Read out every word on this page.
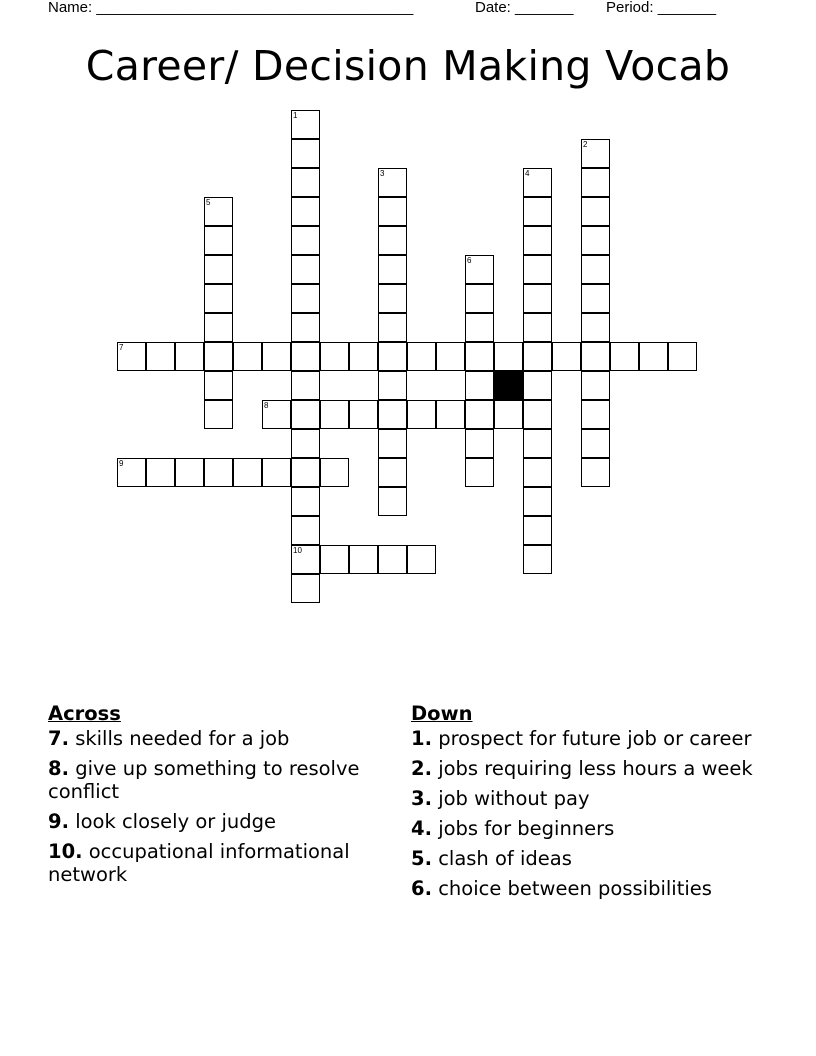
Name: ______________________________________	Date: _______ Period: _______
Career/ Decision Making Vocab
1
10
2
3	4
5
6
7
8
9
Across
7. skills needed for a job
8. give up something to resolve conflict
9. look closely or judge
10. occupational informational network
Down
1. prospect for future job or career
2. jobs requiring less hours a week
3. job without pay
4. jobs for beginners
5. clash of ideas
6. choice between possibilities
